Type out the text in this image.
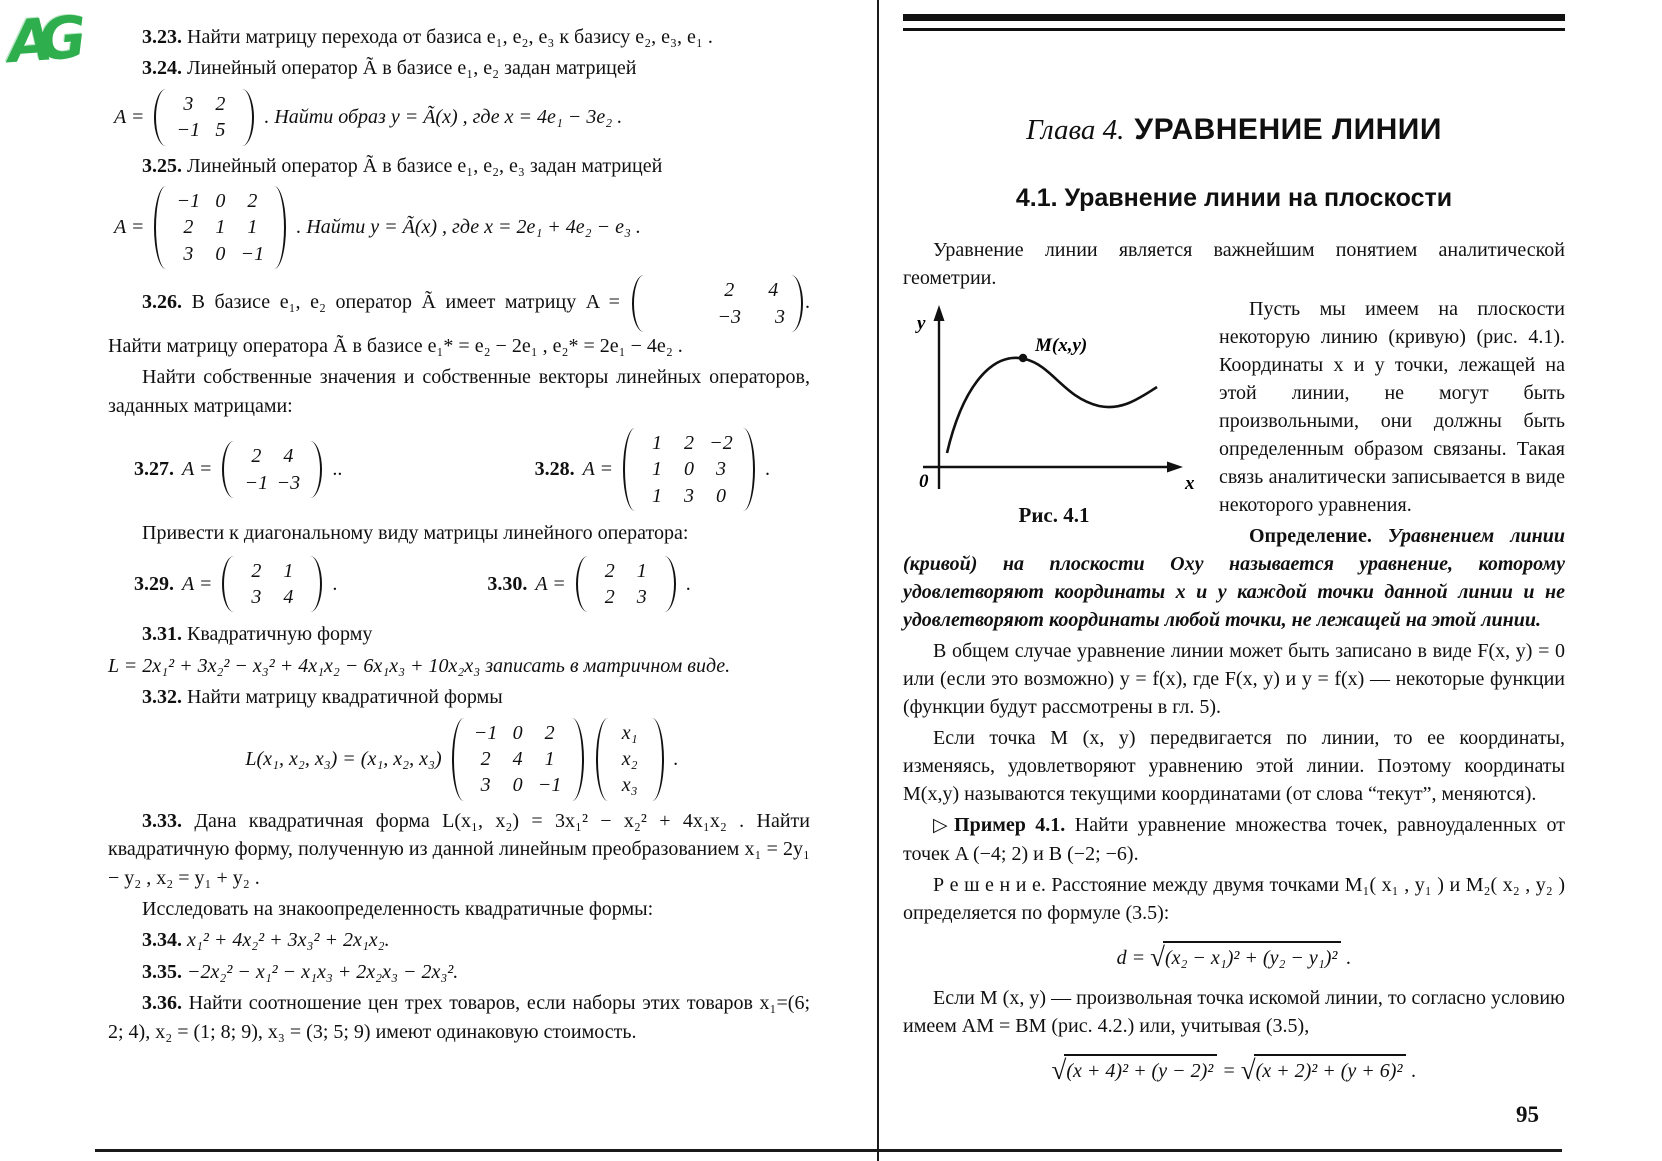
AG
95

3.23. Найти матрицу перехода от базиса e₁, e₂, e₃ к базису e₂, e₃, e₁ .

3.24. Линейный оператор Ã в базисе e₁, e₂ задан матрицей

A =
3 2
−1 5
. Найти образ y = Ã(x) , где x = 4e₁ − 3e₂ .

3.25. Линейный оператор Ã в базисе e₁, e₂, e₃ задан матрицей

A =
−1 0 2
2 1 1
3 0 −1
. Найти y = Ã(x) , где x = 2e₁ + 4e₂ − e₃ .

3.26. В базисе e₁, e₂ оператор Ã имеет матрицу A =
2 4
−3 3
. Найти матрицу оператора Ã в базисе e₁* = e₂ − 2e₁ , e₂* = 2e₁ − 4e₂ .

Найти собственные значения и собственные векторы линейных операторов, заданных матрицами:

3.27. A =
2 4
−1 −3
..	3.28. A =
1 2 −2
1 0 3
1 3 0
.

Привести к диагональному виду матрицы линейного оператора:

3.29. A =
2 1
3 4
.	3.30. A =
2 1
2 3
.

3.31. Квадратичную форму

L = 2x₁² + 3x₂² − x₃² + 4x₁x₂ − 6x₁x₃ + 10x₂x₃ записать в матричном виде.

3.32. Найти матрицу квадратичной формы

L(x₁, x₂, x₃) = (x₁, x₂, x₃)
−1 0 2
2 4 1
3 0 −1
x₁
x₂
x₃
.

3.33. Дана квадратичная форма L(x₁, x₂) = 3x₁² − x₂² + 4x₁x₂ . Найти квадратичную форму, полученную из данной линейным преобразованием x₁ = 2y₁ − y₂ , x₂ = y₁ + y₂ .

Исследовать на знакоопределенность квадратичные формы:

3.34. x₁² + 4x₂² + 3x₃² + 2x₁x₂.

3.35. −2x₂² − x₁² − x₁x₃ + 2x₂x₃ − 2x₃².

3.36. Найти соотношение цен трех товаров, если наборы этих товаров x₁=(6; 2; 4), x₂ = (1; 8; 9), x₃ = (3; 5; 9) имеют одинаковую стоимость.

Глава 4. УРАВНЕНИЕ ЛИНИИ
4.1. Уравнение линии на плоскости

Уравнение линии является важнейшим понятием аналитической геометрии.

M(x,y)
y
x
0
Рис. 4.1

Пусть мы имеем на плоскости некоторую линию (кривую) (рис. 4.1). Координаты x и y точки, лежащей на этой линии, не могут быть произвольными, они должны быть определенным образом связаны. Такая связь аналитически записывается в виде некоторого уравнения.

Определение. Уравнением линии (кривой) на плоскости Oxy называется уравнение, которому удовлетворяют координаты x и y каждой точки данной линии и не удовлетворяют координаты любой точки, не лежащей на этой линии.

В общем случае уравнение линии может быть записано в виде F(x, y) = 0 или (если это возможно) y = f(x), где F(x, y) и y = f(x) — некоторые функции (функции будут рассмотрены в гл. 5).

Если точка M (x, y) передвигается по линии, то ее координаты, изменяясь, удовлетворяют уравнению этой линии. Поэтому координаты M(x,y) называются текущими координатами (от слова “текут”, меняются).

▷ Пример 4.1. Найти уравнение множества точек, равноудаленных от точек A (−4; 2) и B (−2; −6).

Р е ш е н и е. Расстояние между двумя точками M₁( x₁ , y₁ ) и M₂( x₂ , y₂ ) определяется по формуле (3.5):

d = √(x₂ − x₁)² + (y₂ − y₁)² .

Если M (x, y) — произвольная точка искомой линии, то согласно условию имеем AM = BM (рис. 4.2.) или, учитывая (3.5),

√(x + 4)² + (y − 2)² = √(x + 2)² + (y + 6)² .
